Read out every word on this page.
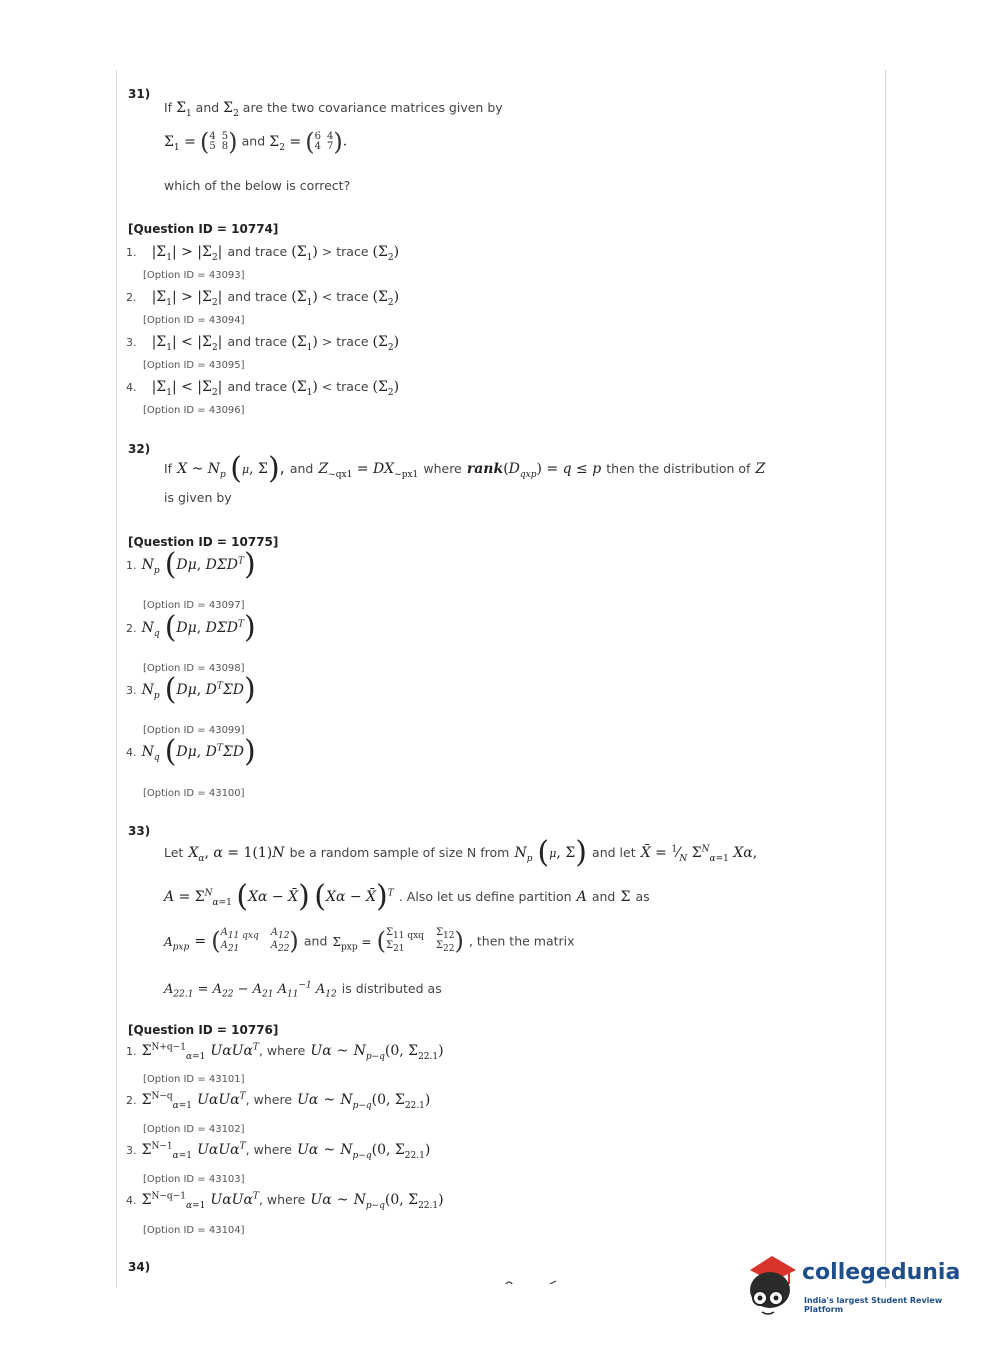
31)
If $\Sigma_1$ and $\Sigma_2$ are the two covariance matrices given by
$\Sigma_1$ = ( 4 5
5 8 ) and $\Sigma_2$ = ( 6 4
4 7 ) .
which of the below is correct?
[Question ID = 10774]
1. $|\Sigma_1| > |\Sigma_2|$ and trace $(\Sigma_1)$ > trace $(\Sigma_2)$
[Option ID = 43093]
2. $|\Sigma_1| > |\Sigma_2|$ and trace $(\Sigma_1)$ < trace $(\Sigma_2)$
[Option ID = 43094]
3. $|\Sigma_1| < |\Sigma_2|$ and trace $(\Sigma_1)$ > trace $(\Sigma_2)$
[Option ID = 43095]
4. $|\Sigma_1| < |\Sigma_2|$ and trace $(\Sigma_1)$ < trace $(\Sigma_2)$
[Option ID = 43096]
32)
If X ~ $N_p$ (μ, Σ), and $Z_{\sim qx1} = DX_{\sim px1}$ where $rank(D_{qxp}) = q \le p$ then the distribution of Z
is given by
[Question ID = 10775]
1. $N_p$ (Dμ, $D\Sigma D^T$)
[Option ID = 43097]
2. $N_q$ (Dμ, $D\Sigma D^T$)
[Option ID = 43098]
3. $N_p$ (Dμ, $D^T\Sigma D$)
[Option ID = 43099]
4. $N_q$ (Dμ, $D^T\Sigma D$)
[Option ID = 43100]
33)
Let $X_\alpha$, α = 1(1)N be a random sample of size N from $N_p$ (μ, Σ) and let X̄ = $^1⁄_N$ $\Sigma^N_{\alpha=1}$ Xα,
$A = \Sigma^N_{\alpha=1}$ (Xα − X̄) (Xα − X̄)$^T$ . Also let us define partition A and Σ as
$A_{pxp}$ = ( $A_{11 qxq}$ $A_{12}$
$A_{21}$	$A_{22}$ ) and $\Sigma_{pxp}$ = ( $\Sigma_{11 qxq}$ $\Sigma_{12}$
$\Sigma_{21}$	$\Sigma_{22}$ ) , then the matrix
$A_{22.1} = A_{22} - A_{21}$ $A_{11}^{-1}$ $A_{12}$ is distributed as
[Question ID = 10776]
1. $\Sigma^{N+q-1}_{\alpha=1}$ UαUα$^T$, where Uα ~ $N_{p-q}(0$, $\Sigma_{22.1}$)
[Option ID = 43101]
2. $\Sigma^{N-q}_{\alpha=1}$ UαUα$^T$, where Uα ~ $N_{p-q}(0$, $\Sigma_{22.1}$)
[Option ID = 43102]
3. $\Sigma^{N-1}_{\alpha=1}$ UαUα$^T$, where Uα ~ $N_{p-q}(0$, $\Sigma_{22.1}$)
[Option ID = 43103]
4. $\Sigma^{N-q-1}_{\alpha=1}$ UαUα$^T$, where Uα ~ $N_{p-q}(0$, $\Sigma_{22.1}$)
[Option ID = 43104]
34)	collegedunia
India's largest Student Review Platform
